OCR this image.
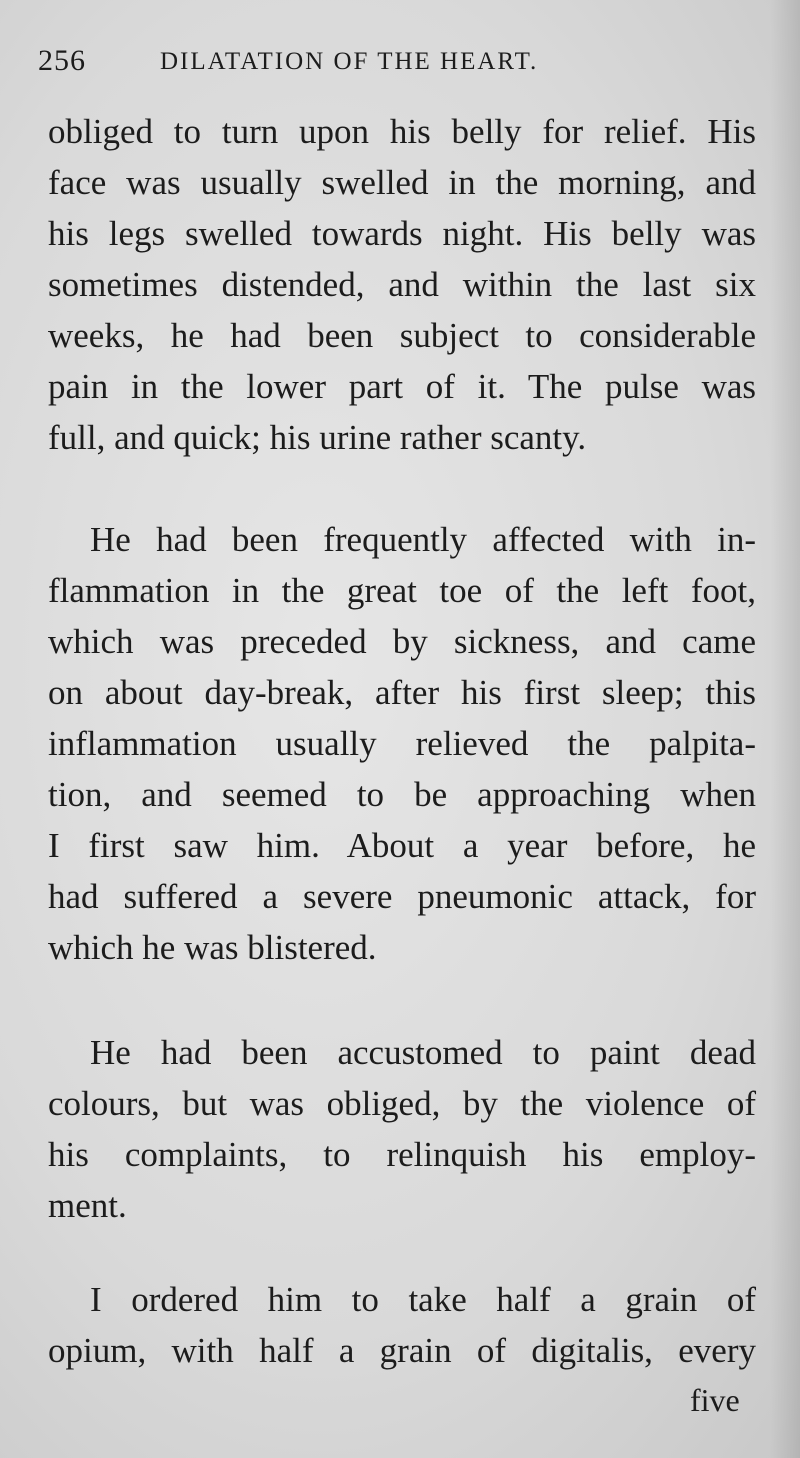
256	DILATATION OF THE HEART.
obliged to turn upon his belly for relief. His
face was usually swelled in the morning, and
his legs swelled towards night. His belly was
sometimes distended, and within the last six
weeks, he had been subject to considerable
pain in the lower part of it. The pulse was
full, and quick; his urine rather scanty.
He had been frequently affected with in-
flammation in the great toe of the left foot,
which was preceded by sickness, and came
on about day-break, after his first sleep; this
inflammation usually relieved the palpita-
tion, and seemed to be approaching when
I first saw him. About a year before, he
had suffered a severe pneumonic attack, for
which he was blistered.
He had been accustomed to paint dead
colours, but was obliged, by the violence of
his complaints, to relinquish his employ-
ment.
I ordered him to take half a grain of
opium, with half a grain of digitalis, every
five
